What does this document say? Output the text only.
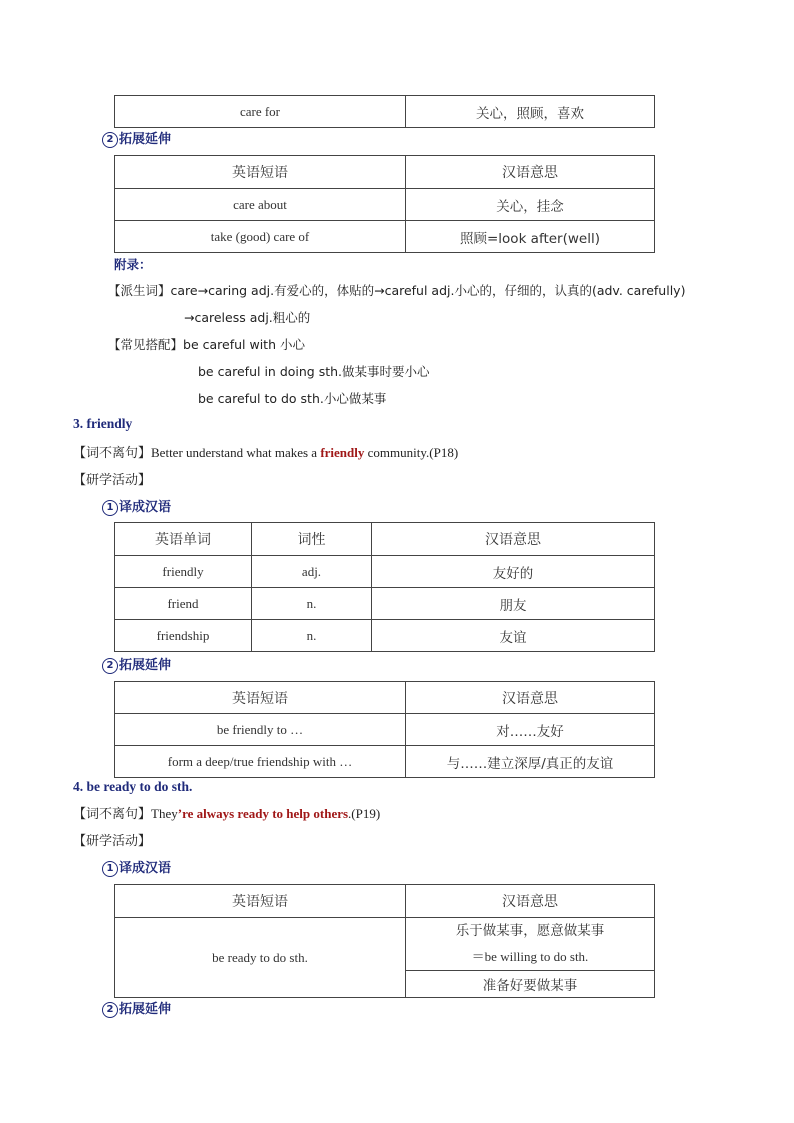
care for	关心，照顾，喜欢
2 拓展延伸
英语短语	汉语意思
care about	关心，挂念
take (good) care of	照顾=look after(well)
附录：
【派生词】care→caring adj.有爱心的，体贴的→careful adj.小心的，仔细的，认真的(adv. carefully)
→careless adj.粗心的
【常见搭配】be careful with 小心
be careful in doing sth.做某事时要小心
be careful to do sth.小心做某事
3. friendly
【词不离句】Better understand what makes a friendly community.(P18)
【研学活动】
1 译成汉语
英语单词	词性	汉语意思
friendly	adj.	友好的
friend	n.	朋友
friendship	n.	友谊
2 拓展延伸
英语短语	汉语意思
be friendly to …	对……友好
form a deep/true friendship with …	与……建立深厚/真正的友谊
4. be ready to do sth.
【词不离句】They’re always ready to help others.(P19)
【研学活动】
1 译成汉语
英语短语	汉语意思
be ready to do sth.	乐于做某事，愿意做某事
＝be willing to do sth.

	准备好要做某事
2 拓展延伸
